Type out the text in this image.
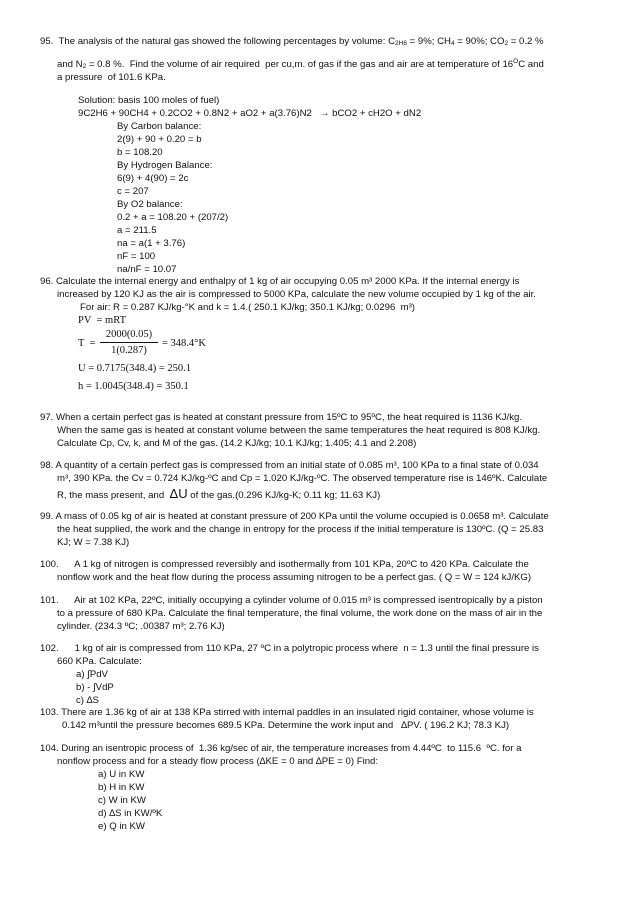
95. The analysis of the natural gas showed the following percentages by volume: C2H6 = 9%; CH4 = 90%; CO2 = 0.2 %
and N2 = 0.8 %.  Find the volume of air required  per cu,m. of gas if the gas and air are at temperature of $16^OC$ and
a pressure  of 101.6 KPa.
Solution: basis 100 moles of fuel)
9C2H6 + 90CH4 + 0.2CO2 + 0.8N2 + aO2 + a(3.76)N2   → bCO2 + cH2O + dN2
By Carbon balance:
2(9) + 90 + 0.20 = b
b = 108.20
By Hydrogen Balance:
6(9) + 4(90) = 2c
c = 207
By O2 balance:
0.2 + a = 108.20 + (207/2)
a = 211.5
na = a(1 + 3.76)
nF = 100
na/nF = 10.07
96. Calculate the internal energy and enthalpy of 1 kg of air occupying 0.05 m³ 2000 KPa. If the internal energy is
increased by 120 KJ as the air is compressed to 5000 KPa, calculate the new volume occupied by 1 kg of the air.
For air: R = 0.287 KJ/kg-°K and k = 1.4.( 250.1 KJ/kg; 350.1 KJ/kg; 0.0296  m³)
PV  = mRT
T  =
2000(0.05)
1(0.287)
= 348.4°K
U = 0.7175(348.4) = 250.1
h = 1.0045(348.4) = 350.1
97. When a certain perfect gas is heated at constant pressure from 15ºC to 95ºC, the heat required is 1136 KJ/kg.
When the same gas is heated at constant volume between the same temperatures the heat required is 808 KJ/kg.
Calculate Cp, Cv, k, and M of the gas. (14.2 KJ/kg; 10.1 KJ/kg; 1.405; 4.1 and 2.208)
98. A quantity of a certain perfect gas is compressed from an initial state of 0.085 m³, 100 KPa to a final state of 0.034
m³, 390 KPa. the Cv = 0.724 KJ/kg-ºC and Cp = 1.020 KJ/kg-ºC. The observed temperature rise is 146ºK. Calculate
R, the mass present, and  ΔU of the gas.(0.296 KJ/kg-K; 0.11 kg; 11.63 KJ)
99. A mass of 0.05 kg of air is heated at constant pressure of 200 KPa until the volume occupied is 0.0658 m³. Calculate
the heat supplied, the work and the change in entropy for the process if the initial temperature is 130ºC. (Q = 25.83
KJ; W = 7.38 KJ)
100.      A 1 kg of nitrogen is compressed reversibly and isothermally from 101 KPa, 20ºC to 420 KPa. Calculate the
nonflow work and the heat flow during the process assuming nitrogen to be a perfect gas. ( Q = W = 124 kJ/KG)
101.      Air at 102 KPa, 22ºC, initially occupying a cylinder volume of 0.015 m³ is compressed isentropically by a piston
to a pressure of 680 KPa. Calculate the final temperature, the final volume, the work done on the mass of air in the
cylinder. (234.3 ºC; .00387 m³; 2.76 KJ)
102.      1 kg of air is compressed from 110 KPa, 27 ºC in a polytropic process where  n = 1.3 until the final pressure is
660 KPa. Calculate:
a) ∫PdV
b) - ∫VdP
c) ∆S
103. There are 1.36 kg of air at 138 KPa stirred with internal paddles in an insulated rigid container, whose volume is
0.142 m³until the pressure becomes 689.5 KPa. Determine the work input and   ∆PV. ( 196.2 KJ; 78.3 KJ)
104. During an isentropic process of  1.36 kg/sec of air, the temperature increases from 4.44ºC  to 115.6  ºC. for a
nonflow process and for a steady flow process (∆KE = 0 and ∆PE = 0) Find:
a) U in KW
b) H in KW
c) W in KW
d) ∆S in KW/ºK
e) Q in KW
